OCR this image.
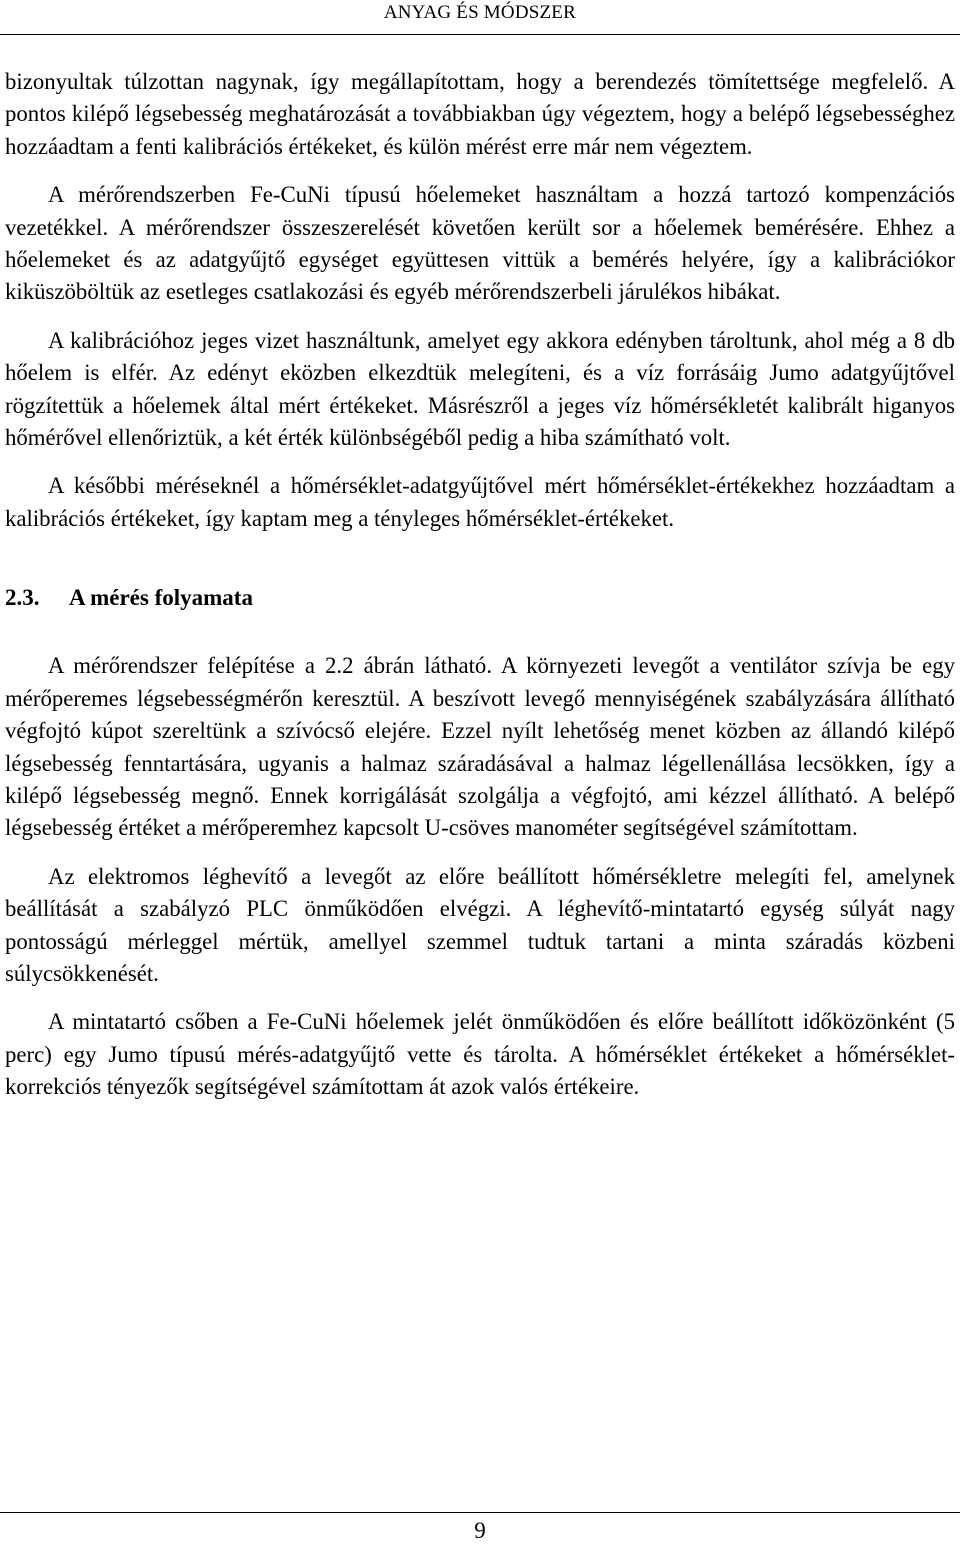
ANYAG ÉS MÓDSZER

bizonyultak túlzottan nagynak, így megállapítottam, hogy a berendezés tömítettsége megfelelő. A pontos kilépő légsebesség meghatározását a továbbiakban úgy végeztem, hogy a belépő légsebességhez hozzáadtam a fenti kalibrációs értékeket, és külön mérést erre már nem végeztem.

A mérőrendszerben Fe-CuNi típusú hőelemeket használtam a hozzá tartozó kompenzációs vezetékkel. A mérőrendszer összeszerelését követően került sor a hőelemek bemérésére. Ehhez a hőelemeket és az adatgyűjtő egységet együttesen vittük a bemérés helyére, így a kalibrációkor kiküszöböltük az esetleges csatlakozási és egyéb mérőrendszerbeli járulékos hibákat.

A kalibrációhoz jeges vizet használtunk, amelyet egy akkora edényben tároltunk, ahol még a 8 db hőelem is elfér. Az edényt eközben elkezdtük melegíteni, és a víz forrásáig Jumo adatgyűjtővel rögzítettük a hőelemek által mért értékeket. Másrészről a jeges víz hőmérsékletét kalibrált higanyos hőmérővel ellenőriztük, a két érték különbségéből pedig a hiba számítható volt.

A későbbi méréseknél a hőmérséklet-adatgyűjtővel mért hőmérséklet-értékekhez hozzáadtam a kalibrációs értékeket, így kaptam meg a tényleges hőmérséklet-értékeket.

2.3. A mérés folyamata

A mérőrendszer felépítése a 2.2 ábrán látható. A környezeti levegőt a ventilátor szívja be egy mérőperemes légsebességmérőn keresztül. A beszívott levegő mennyiségének szabályzására állítható végfojtó kúpot szereltünk a szívócső elejére. Ezzel nyílt lehetőség menet közben az állandó kilépő légsebesség fenntartására, ugyanis a halmaz száradásával a halmaz légellenállása lecsökken, így a kilépő légsebesség megnő. Ennek korrigálását szolgálja a végfojtó, ami kézzel állítható. A belépő légsebesség értéket a mérőperemhez kapcsolt U-csöves manométer segítségével számítottam.

Az elektromos léghevítő a levegőt az előre beállított hőmérsékletre melegíti fel, amelynek beállítását a szabályzó PLC önműködően elvégzi. A léghevítő-mintatartó egység súlyát nagy pontosságú mérleggel mértük, amellyel szemmel tudtuk tartani a minta száradás közbeni súlycsökkenését.

A mintatartó csőben a Fe-CuNi hőelemek jelét önműködően és előre beállított időközönként (5 perc) egy Jumo típusú mérés-adatgyűjtő vette és tárolta. A hőmérséklet értékeket a hőmérséklet-korrekciós tényezők segítségével számítottam át azok valós értékeire.

9
